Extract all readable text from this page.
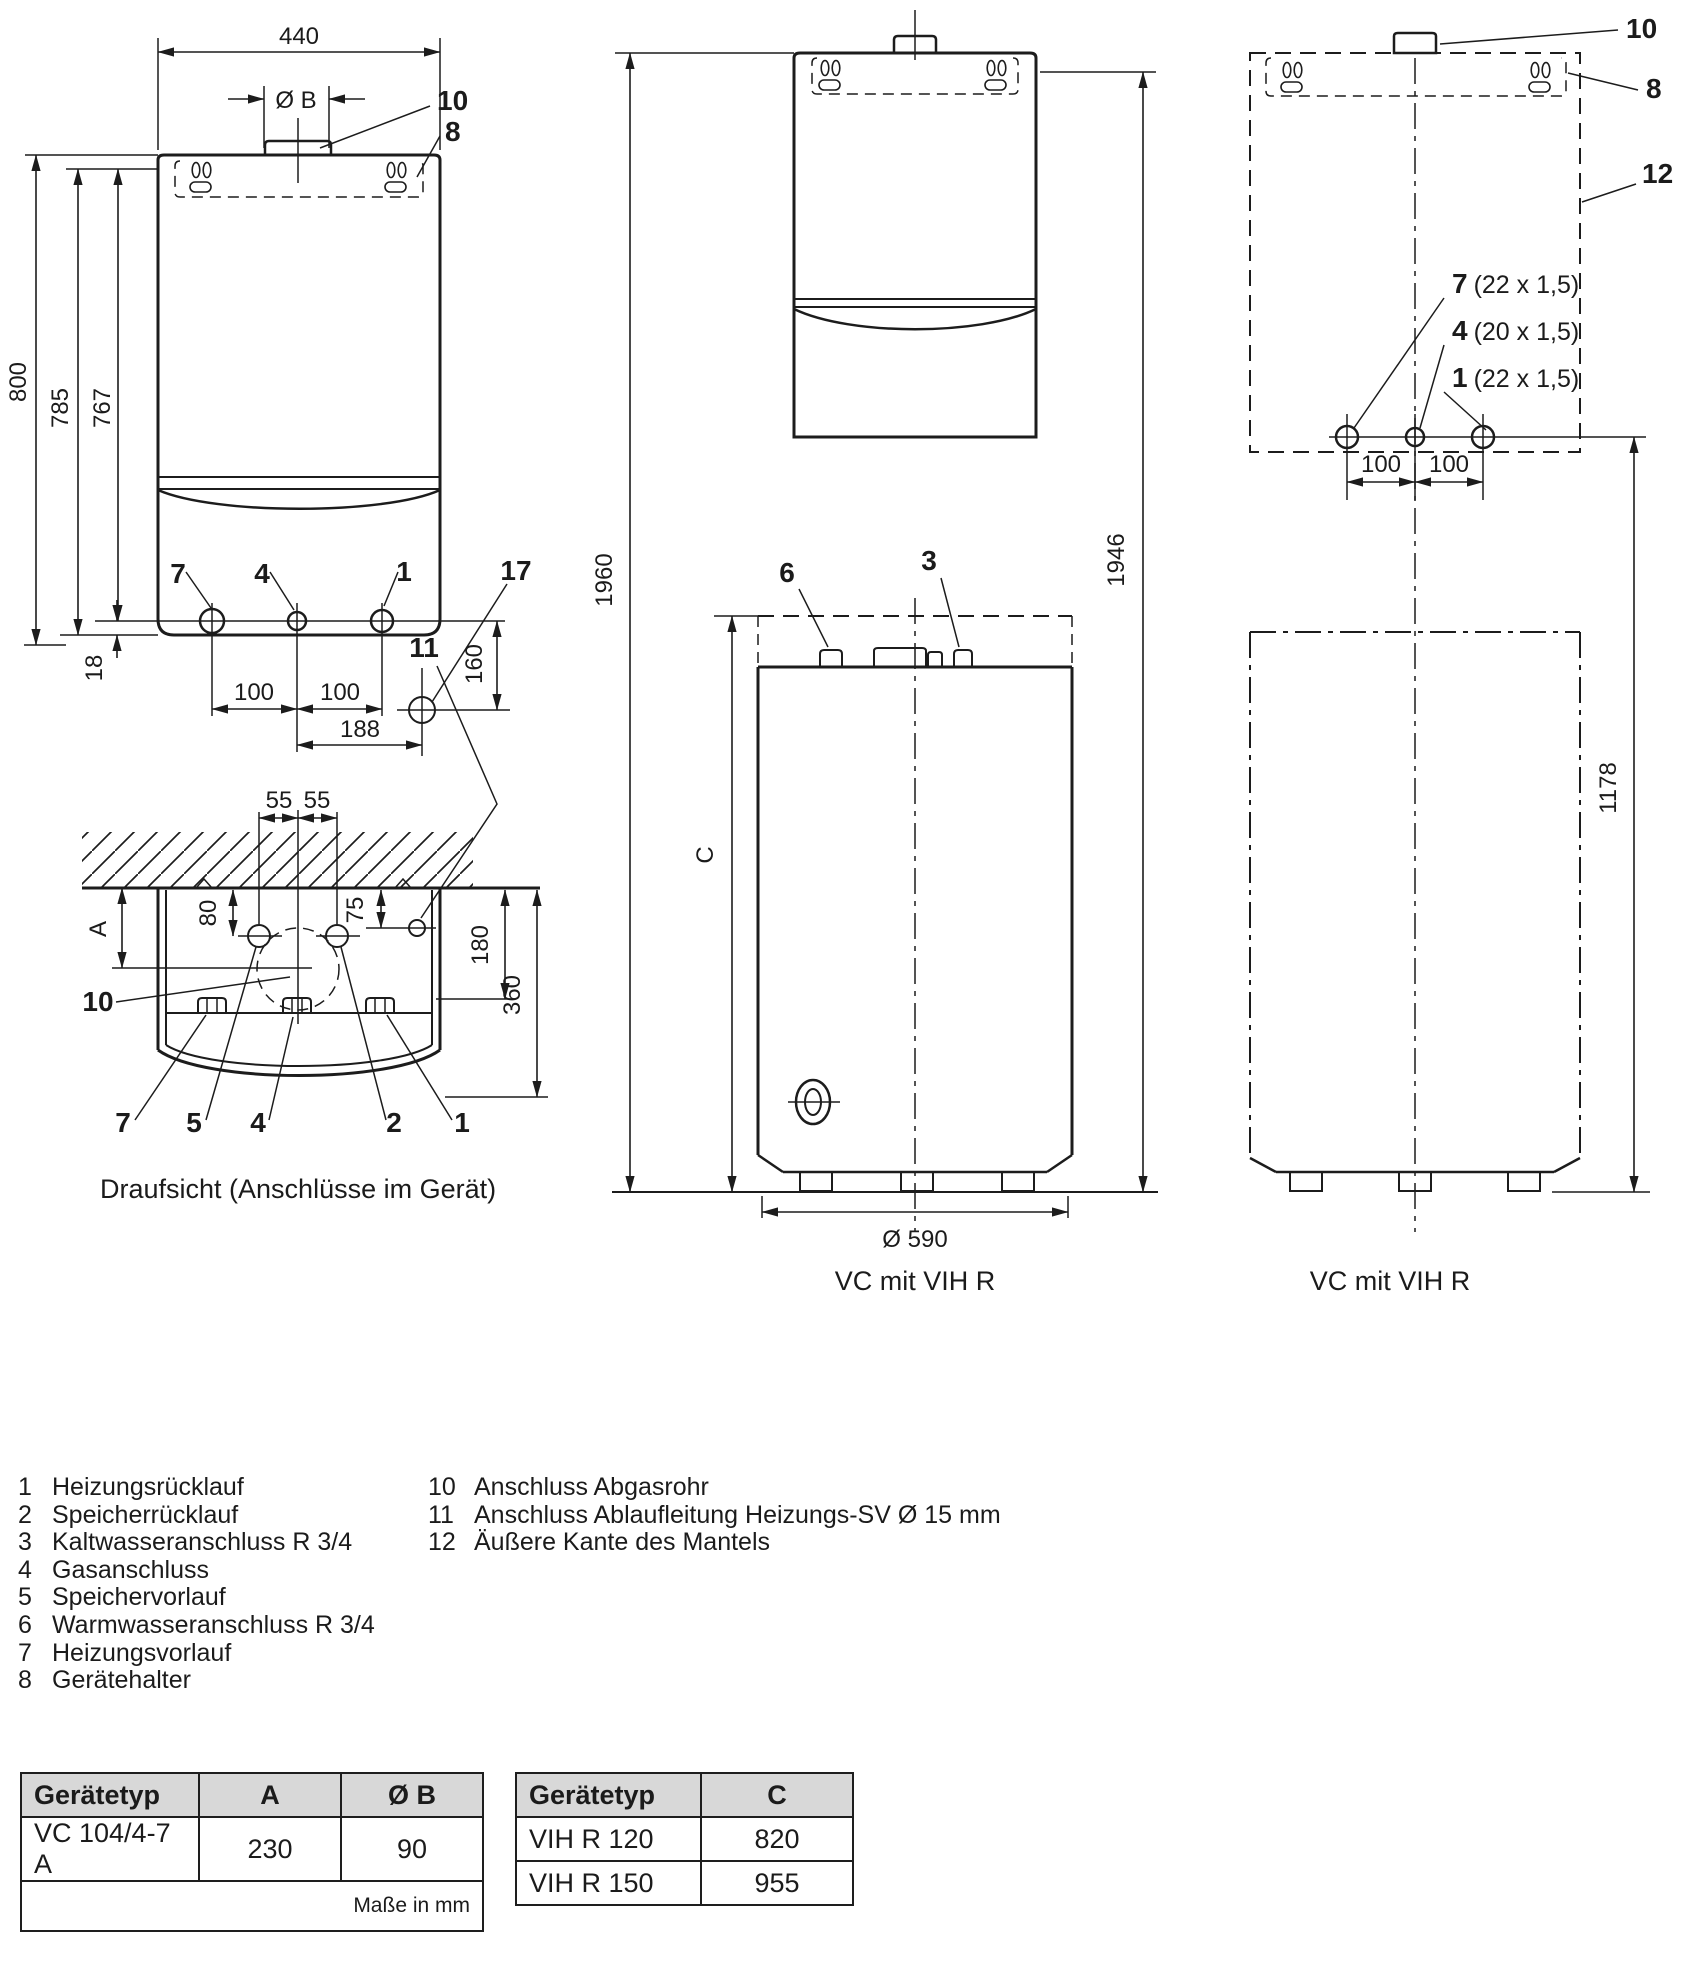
440
Ø B
800
785 767
18
7 4	1	17
10
8
100 100
188
160
55 55
A
80	75
180
360
11
10
7 5 4	2 1
Draufsicht (Anschlüsse im Gerät)
6	3
1960
C
1946
Ø 590
VC mit VIH R
10
8
12
7 (22 x 1,5)
4 (20 x 1,5)
1 (22 x 1,5)
100 100
1178
VC mit VIH R
1 Heizungsrücklauf
2 Speicherrücklauf
3 Kaltwasseranschluss R 3/4
4 Gasanschluss
5 Speichervorlauf
6 Warmwasseranschluss R 3/4
7 Heizungsvorlauf
8 Gerätehalter
10 Anschluss Abgasrohr
11 Anschluss Ablaufleitung Heizungs-SV Ø 15 mm
12 Äußere Kante des Mantels
Gerätetyp	A	Ø B
VC 104/4-7 A	230	90
Maße in mm		
Gerätetyp	C
VIH R 120	820
VIH R 150	955
